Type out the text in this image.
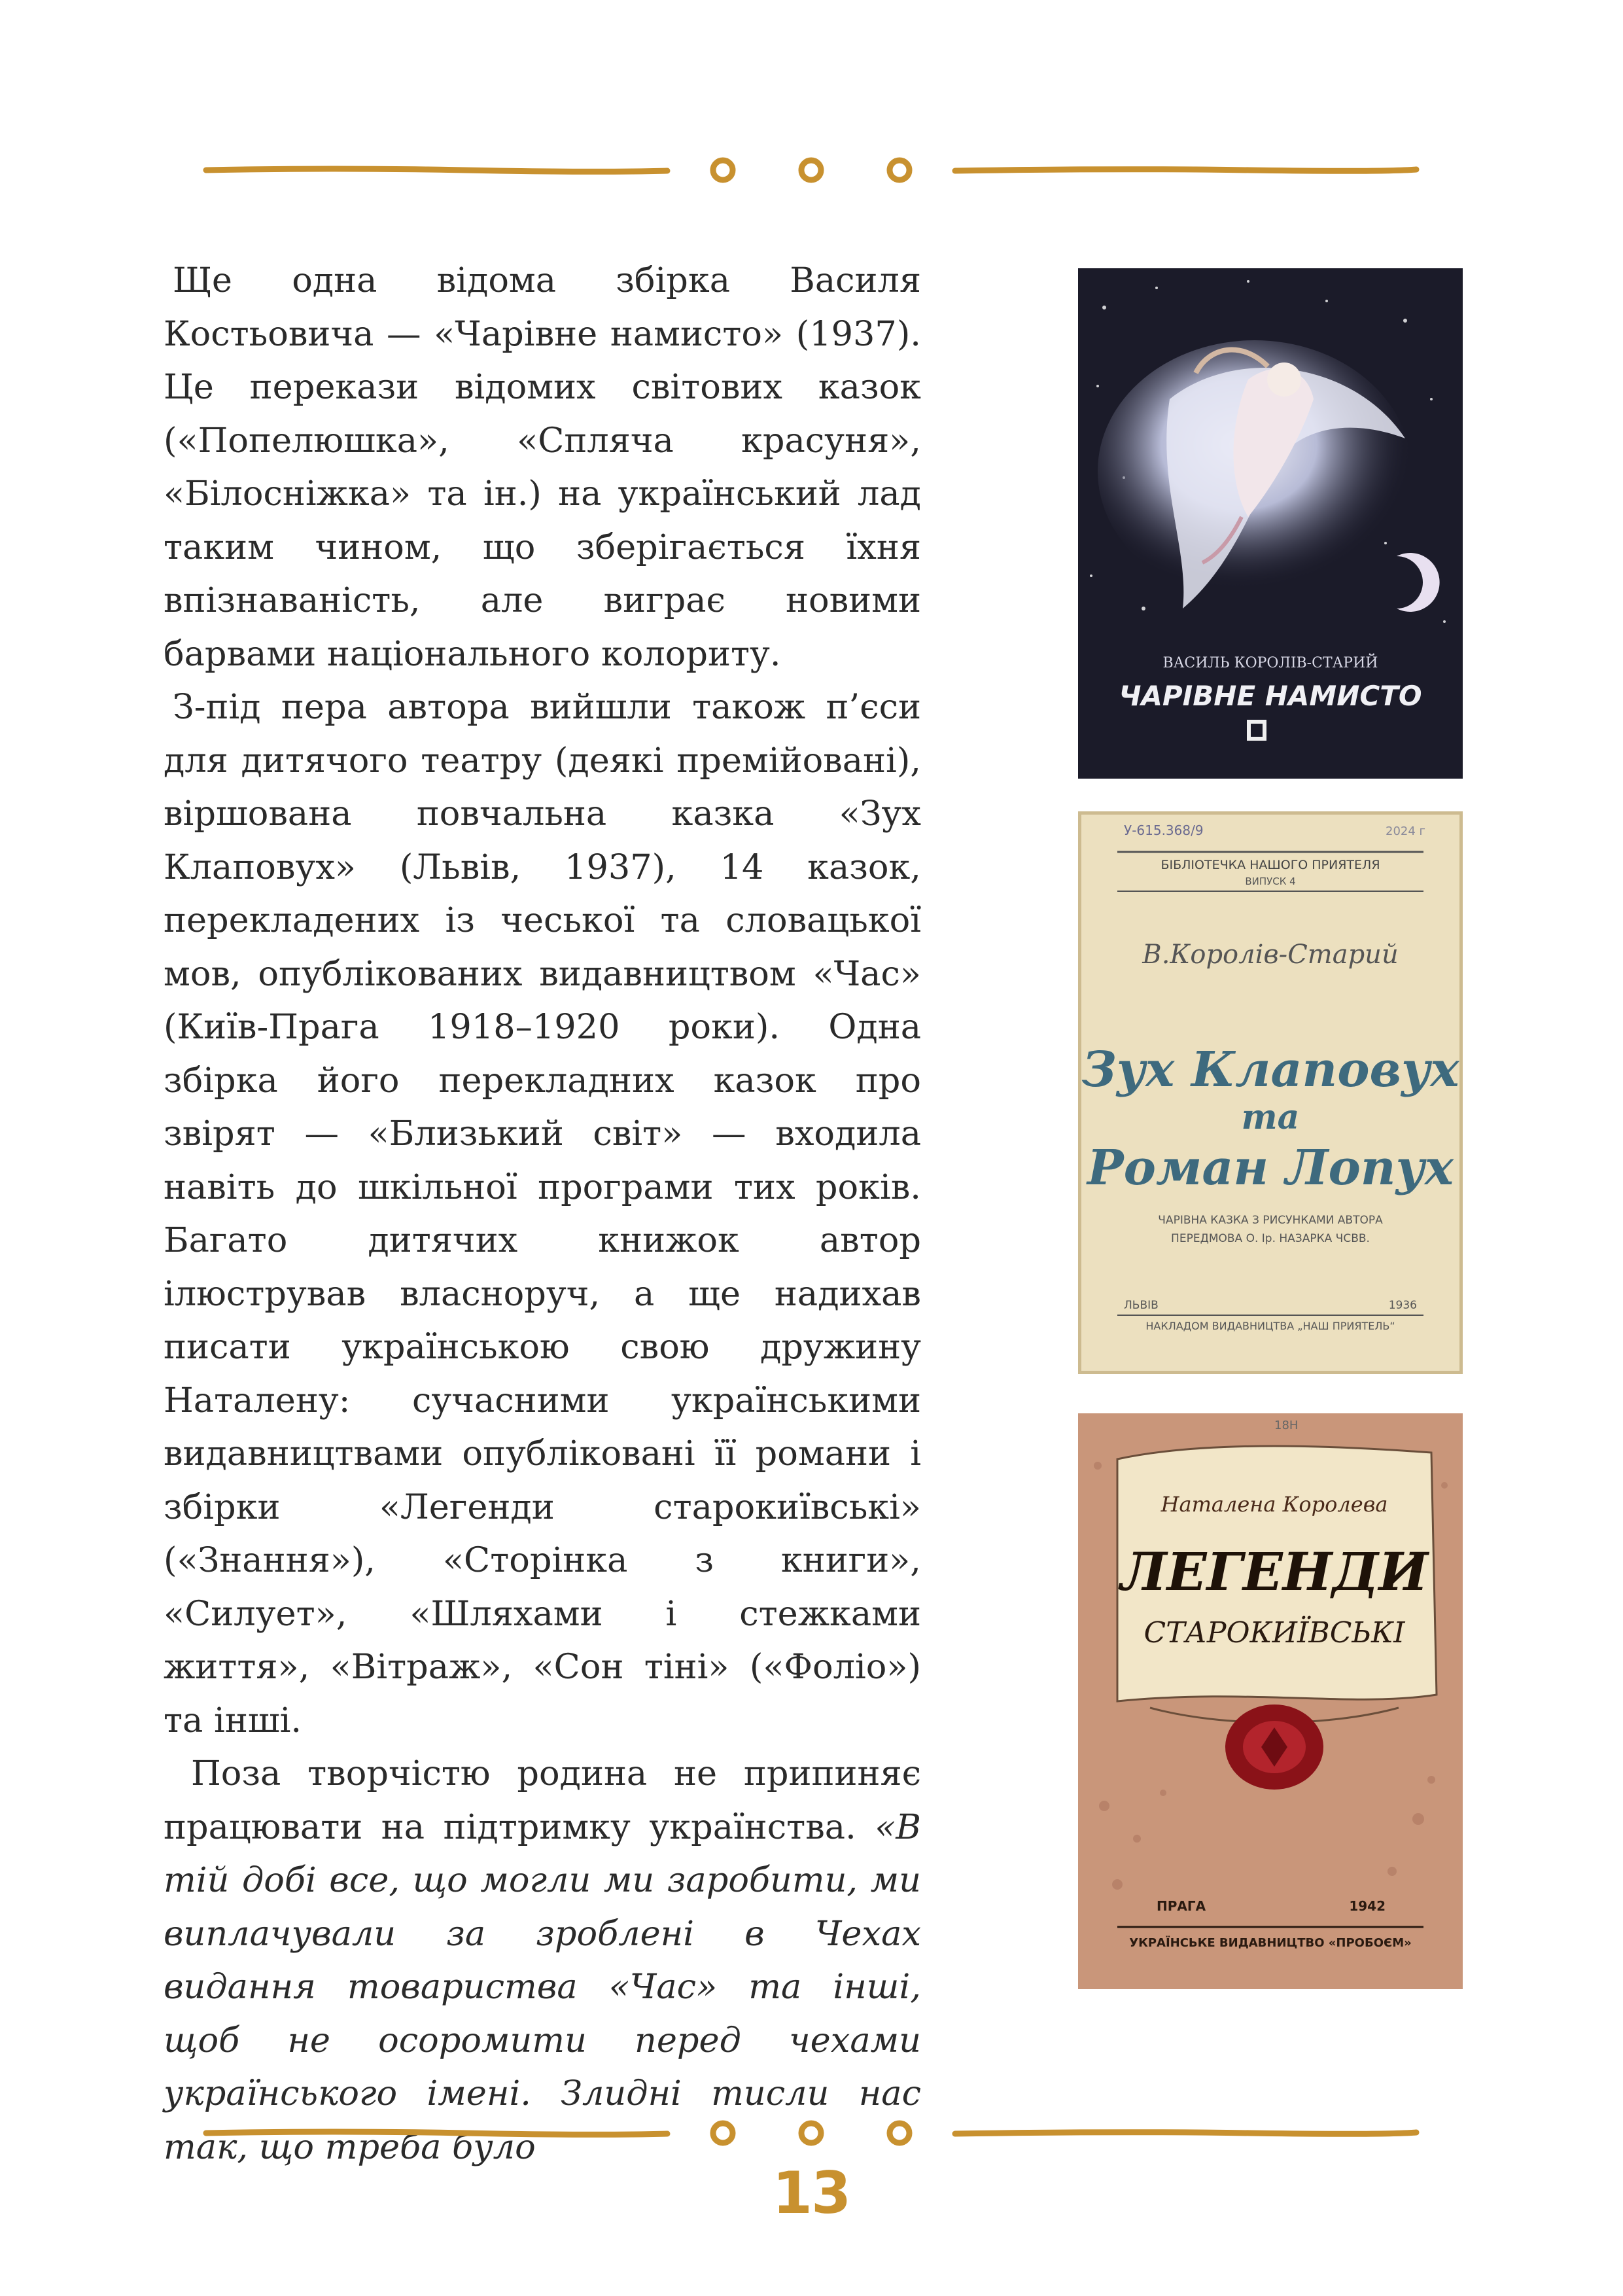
Ще одна відома збірка Василя Костьовича — «Чарівне намисто» (1937). Це перекази відомих світових казок («Попелюшка», «Спляча красуня», «Білосніжка» та ін.) на український лад таким чином, що зберігається їхня впізнаваність, але виграє новими барвами національного колориту.

З-під пера автора вийшли також п’єси для дитячого театру (деякі премійовані), віршована повчальна казка «Зух Клаповух» (Львів, 1937), 14 казок, перекладених із чеської та словацької мов, опублікованих видавництвом «Час» (Київ-Прага 1918–1920 роки). Одна збірка його перекладних казок про звірят — «Близький світ» — входила навіть до шкільної програми тих років. Багато дитячих книжок автор ілюстрував власноруч, а ще надихав писати українською свою дружину Наталену: сучасними українськими видавництвами опубліковані її романи і збірки «Легенди старокиївські» («Знання»), «Сторінка з книги», «Силует», «Шляхами і стежками життя», «Вітраж», «Сон тіні» («Фоліо») та інші.

Поза творчістю родина не припиняє працювати на підтримку українства. «В тій добі все, що могли ми заробити, ми виплачували за зроблені в Чехах видання товариства «Час» та інші, щоб не осоромити перед чехами українського імені. Злидні тисли нас так, що треба було

ВАСИЛЬ КОРОЛІВ-СТАРИЙ
ЧАРІВНЕ НАМИСТО
У-615.368/9	2024 г
БІБЛІОТЕЧКА НАШОГО ПРИЯТЕЛЯ
ВИПУСК 4
В.Королів-Старий
Зух Клаповух
та
Роман Лопух
ЧАРІВНА КАЗКА З РИСУНКАМИ АВТОРА
ПЕРЕДМОВА О. Ір. НАЗАРКА ЧСВВ.
ЛЬВІВ	1936
НАКЛАДОМ ВИДАВНИЦТВА „НАШ ПРИЯТЕЛЬ“
18Н
Наталена Королева
ЛЕГЕНДИ
СТАРОКИЇВСЬКІ
ПРАГА	1942
УКРАЇНСЬКЕ ВИДАВНИЦТВО «ПРОБОЄМ»
13
